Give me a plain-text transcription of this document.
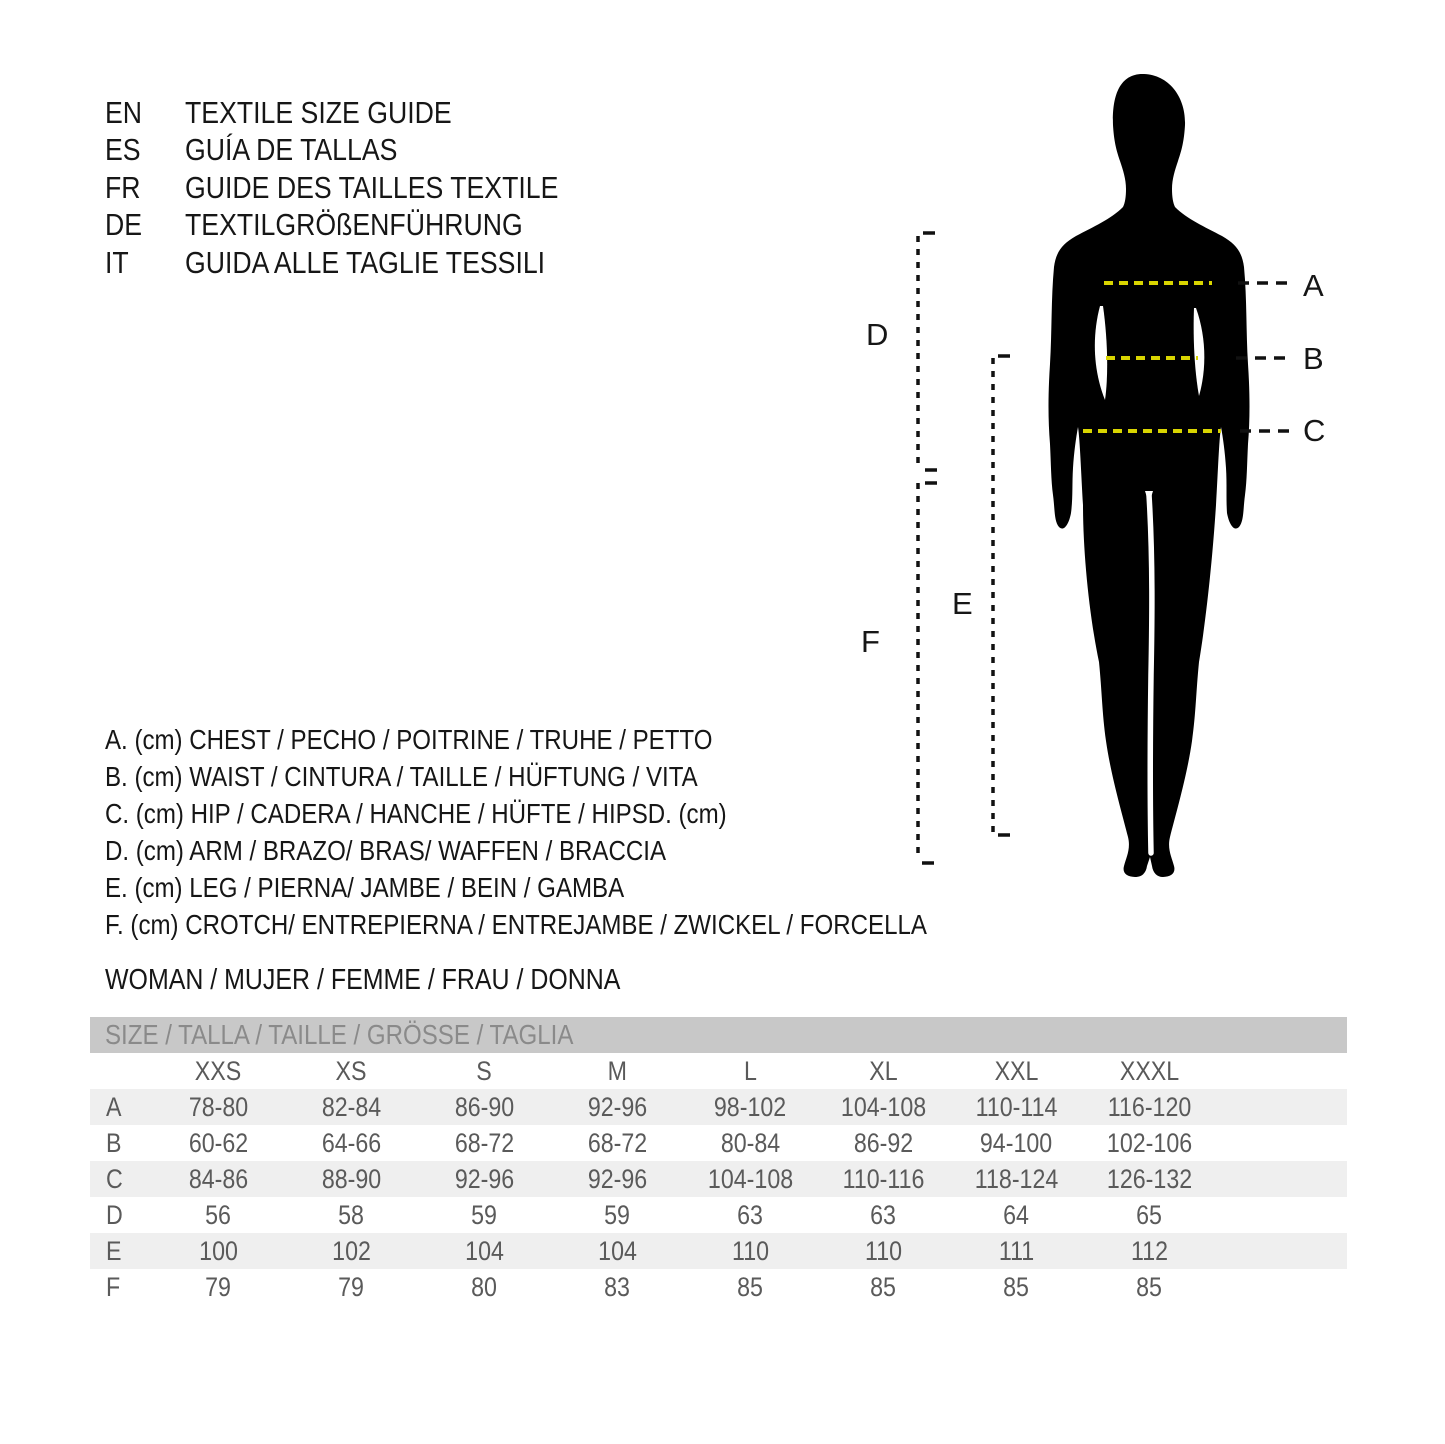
EN	TEXTILE SIZE GUIDE
ES	GUÍA DE TALLAS
FR	GUIDE DES TAILLES TEXTILE
DE	TEXTILGRÖßENFÜHRUNG
IT	GUIDA ALLE TAGLIE TESSILI
A
B
C
D
E
F
A. (cm) CHEST / PECHO / POITRINE / TRUHE / PETTO
B. (cm) WAIST / CINTURA / TAILLE / HÜFTUNG / VITA
C. (cm) HIP / CADERA / HANCHE / HÜFTE / HIPSD. (cm)
D. (cm) ARM / BRAZO/ BRAS/ WAFFEN / BRACCIA
E. (cm) LEG / PIERNA/ JAMBE / BEIN / GAMBA
F. (cm) CROTCH/ ENTREPIERNA / ENTREJAMBE / ZWICKEL / FORCELLA
WOMAN / MUJER / FEMME / FRAU / DONNA
SIZE / TALLA / TAILLE / GRÖSSE / TAGLIA
XXS	XS	S	M	L	XL	XXL	XXXL
A	78-80	82-84	86-90	92-96	98-102	104-108	110-114	116-120
B	60-62	64-66	68-72	68-72	80-84	86-92	94-100	102-106
C	84-86	88-90	92-96	92-96	104-108	110-116	118-124	126-132
D	56	58	59	59	63	63	64	65
E	100	102	104	104	110	110	111	112
F	79	79	80	83	85	85	85	85
